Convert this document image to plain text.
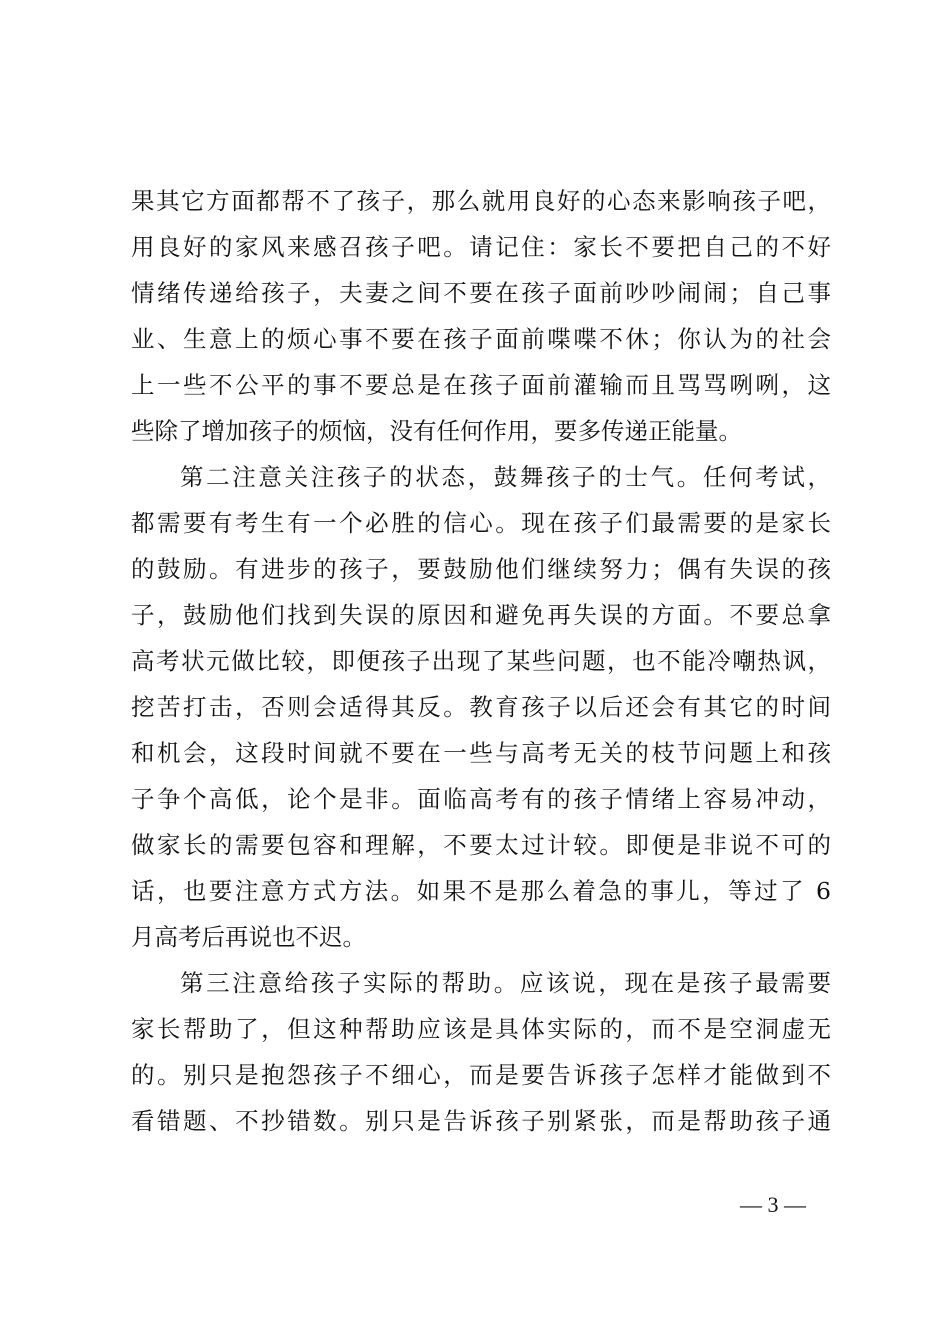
果其它方面都帮不了孩子，那么就用良好的心态来影响孩子吧，
用良好的家风来感召孩子吧。请记住：家长不要把自己的不好
情绪传递给孩子，夫妻之间不要在孩子面前吵吵闹闹；自己事
业、生意上的烦心事不要在孩子面前喋喋不休；你认为的社会
上一些不公平的事不要总是在孩子面前灌输而且骂骂咧咧，这
些除了增加孩子的烦恼，没有任何作用，要多传递正能量。
第二注意关注孩子的状态，鼓舞孩子的士气。任何考试，
都需要有考生有一个必胜的信心。现在孩子们最需要的是家长
的鼓励。有进步的孩子，要鼓励他们继续努力；偶有失误的孩
子，鼓励他们找到失误的原因和避免再失误的方面。不要总拿
高考状元做比较，即便孩子出现了某些问题，也不能冷嘲热讽，
挖苦打击，否则会适得其反。教育孩子以后还会有其它的时间
和机会，这段时间就不要在一些与高考无关的枝节问题上和孩
子争个高低，论个是非。面临高考有的孩子情绪上容易冲动，
做家长的需要包容和理解，不要太过计较。即便是非说不可的
话，也要注意方式方法。如果不是那么着急的事儿，等过了 6
月高考后再说也不迟。
第三注意给孩子实际的帮助。应该说，现在是孩子最需要
家长帮助了，但这种帮助应该是具体实际的，而不是空洞虚无
的。别只是抱怨孩子不细心，而是要告诉孩子怎样才能做到不
看错题、不抄错数。别只是告诉孩子别紧张，而是帮助孩子通
— 3 —
